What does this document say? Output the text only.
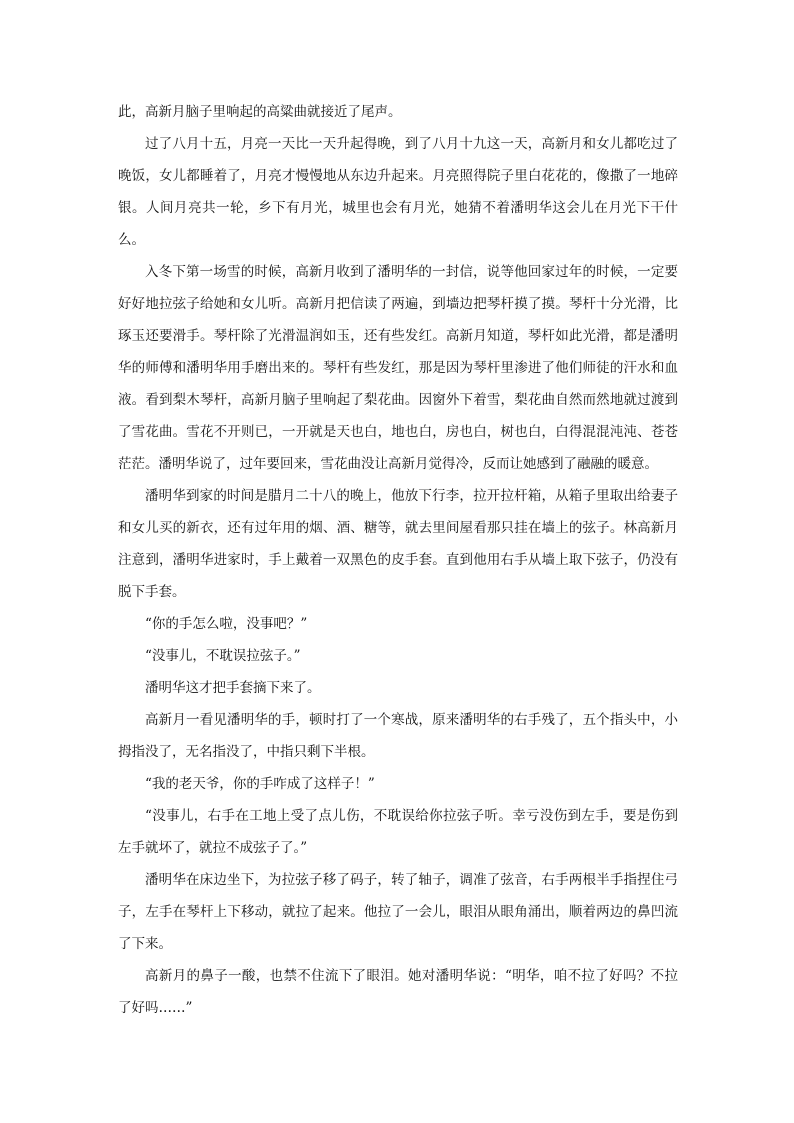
此，高新月脑子里响起的高粱曲就接近了尾声。

过了八月十五，月亮一天比一天升起得晚，到了八月十九这一天，高新月和女儿都吃过了晚饭，女儿都睡着了，月亮才慢慢地从东边升起来。月亮照得院子里白花花的，像撒了一地碎银。人间月亮共一轮，乡下有月光，城里也会有月光，她猜不着潘明华这会儿在月光下干什么。

入冬下第一场雪的时候，高新月收到了潘明华的一封信，说等他回家过年的时候，一定要好好地拉弦子给她和女儿听。高新月把信读了两遍，到墙边把琴杆摸了摸。琴杆十分光滑，比琢玉还要滑手。琴杆除了光滑温润如玉，还有些发红。高新月知道，琴杆如此光滑，都是潘明华的师傅和潘明华用手磨出来的。琴杆有些发红，那是因为琴杆里渗进了他们师徒的汗水和血液。看到梨木琴杆，高新月脑子里响起了梨花曲。因窗外下着雪，梨花曲自然而然地就过渡到了雪花曲。雪花不开则已，一开就是天也白，地也白，房也白，树也白，白得混混沌沌、苍苍茫茫。潘明华说了，过年要回来，雪花曲没让高新月觉得冷，反而让她感到了融融的暖意。

潘明华到家的时间是腊月二十八的晚上，他放下行李，拉开拉杆箱，从箱子里取出给妻子和女儿买的新衣，还有过年用的烟、酒、糖等，就去里间屋看那只挂在墙上的弦子。林高新月注意到，潘明华进家时，手上戴着一双黑色的皮手套。直到他用右手从墙上取下弦子，仍没有脱下手套。

“你的手怎么啦，没事吧？”

“没事儿，不耽误拉弦子。”

潘明华这才把手套摘下来了。

高新月一看见潘明华的手，顿时打了一个寒战，原来潘明华的右手残了，五个指头中，小拇指没了，无名指没了，中指只剩下半根。

“我的老天爷，你的手咋成了这样子！”

“没事儿，右手在工地上受了点儿伤，不耽误给你拉弦子听。幸亏没伤到左手，要是伤到左手就坏了，就拉不成弦子了。”

潘明华在床边坐下，为拉弦子移了码子，转了轴子，调准了弦音，右手两根半手指捏住弓子，左手在琴杆上下移动，就拉了起来。他拉了一会儿，眼泪从眼角涌出，顺着两边的鼻凹流了下来。

高新月的鼻子一酸，也禁不住流下了眼泪。她对潘明华说：“明华，咱不拉了好吗？不拉了好吗……”
